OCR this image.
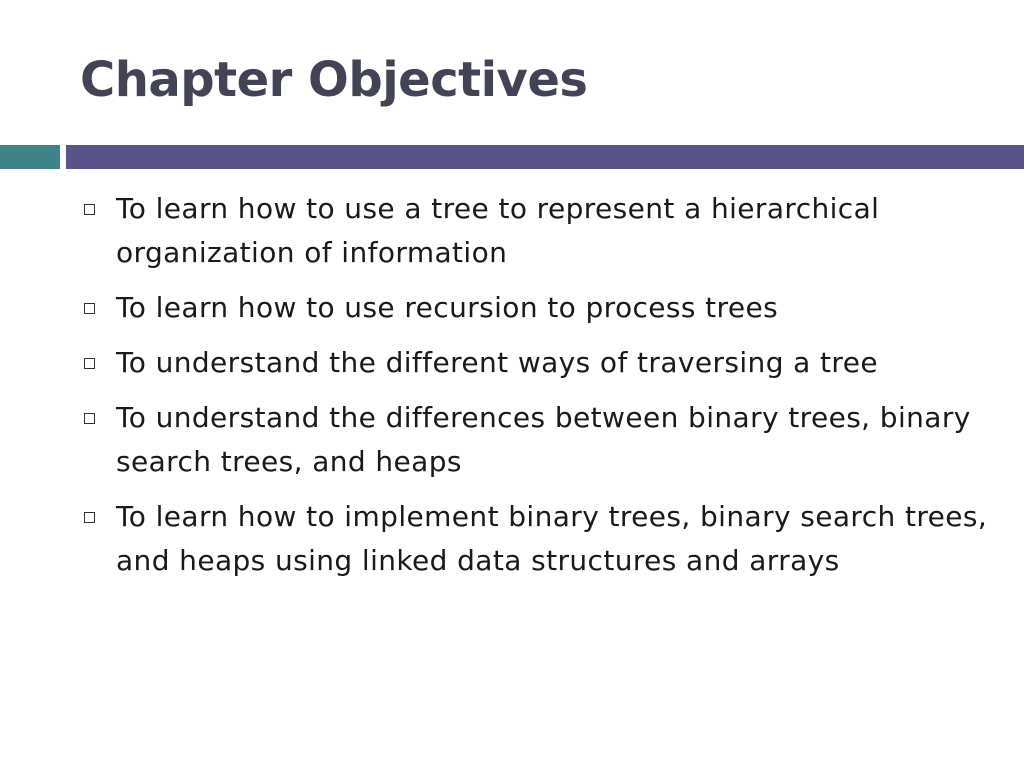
Chapter Objectives
To learn how to use a tree to represent a hierarchical organization of information
To learn how to use recursion to process trees
To understand the different ways of traversing a tree
To understand the differences between binary trees, binary search trees, and heaps
To learn how to implement binary trees, binary search trees, and heaps using linked data structures and arrays
